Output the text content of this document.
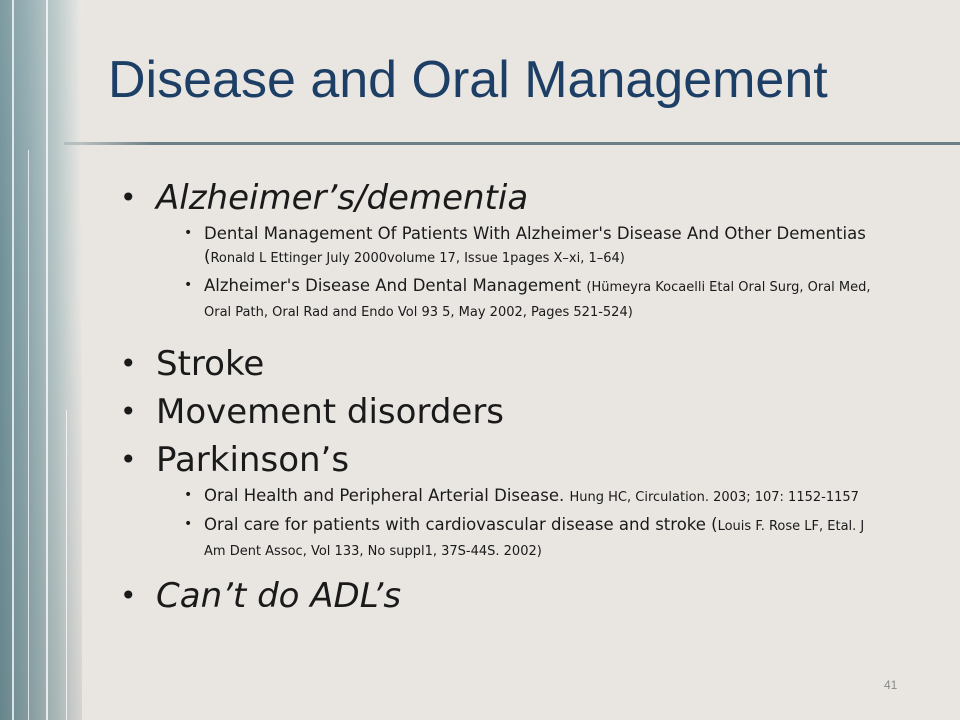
Disease and Oral Management
• Alzheimer’s/dementia
• Dental Management Of Patients With Alzheimer's Disease And Other Dementias (Ronald L Ettinger July 2000volume 17, Issue 1pages X–xi, 1–64)
• Alzheimer's Disease And Dental Management (Hümeyra Kocaelli Etal Oral Surg, Oral Med, Oral Path, Oral Rad and Endo Vol 93 5, May 2002, Pages 521-524)
• Stroke
• Movement disorders
• Parkinson’s
• Oral Health and Peripheral Arterial Disease. Hung HC, Circulation. 2003; 107: 1152-1157
• Oral care for patients with cardiovascular disease and stroke (Louis F. Rose LF, Etal. J Am Dent Assoc, Vol 133, No suppl1, 37S-44S. 2002)
• Can’t do ADL’s
41
